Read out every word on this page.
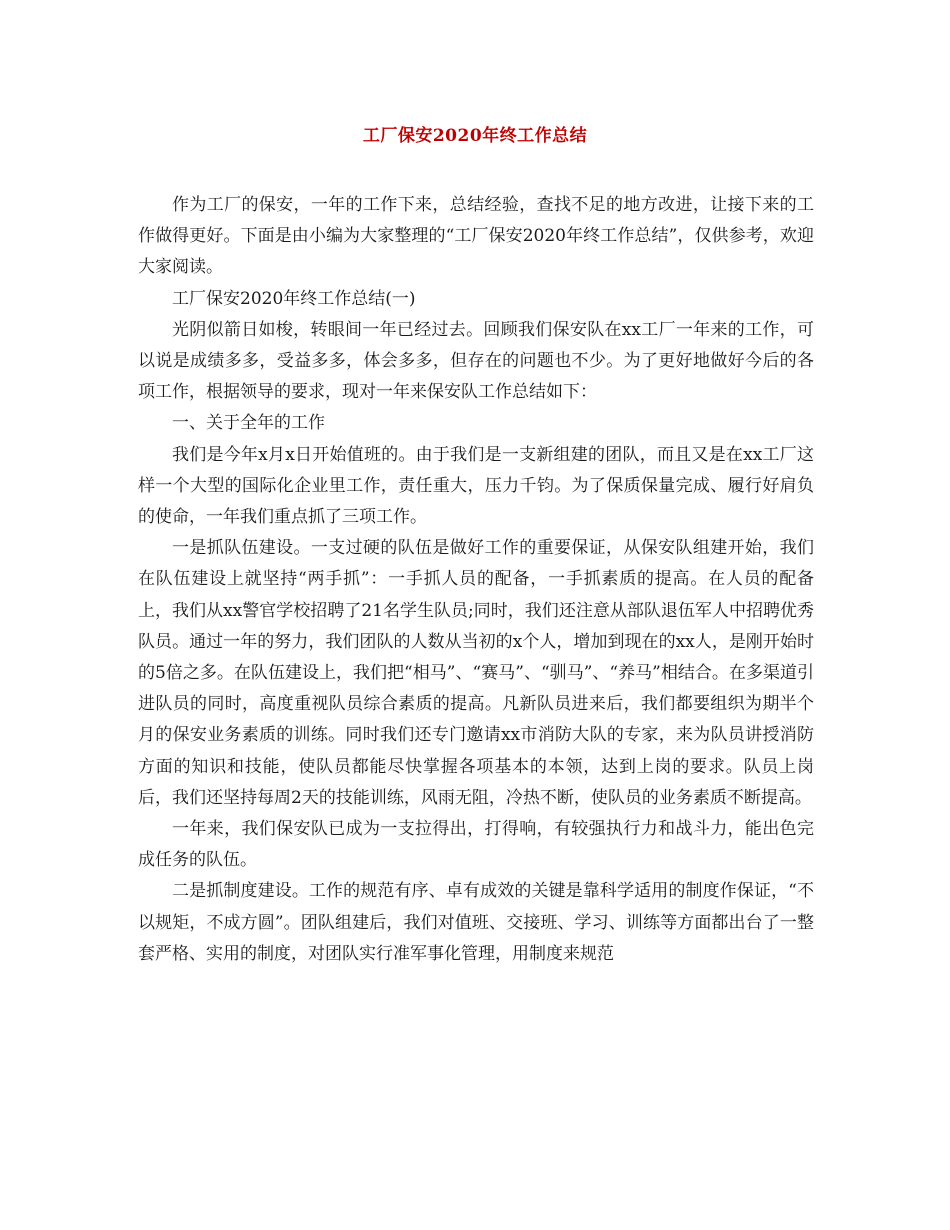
工厂保安2020年终工作总结

作为工厂的保安，一年的工作下来，总结经验，查找不足的地方改进，让接下来的工作做得更好。下面是由小编为大家整理的“工厂保安2020年终工作总结”，仅供参考，欢迎大家阅读。

工厂保安2020年终工作总结(一)

光阴似箭日如梭，转眼间一年已经过去。回顾我们保安队在xx工厂一年来的工作，可以说是成绩多多，受益多多，体会多多，但存在的问题也不少。为了更好地做好今后的各项工作，根据领导的要求，现对一年来保安队工作总结如下：

一、关于全年的工作

我们是今年x月x日开始值班的。由于我们是一支新组建的团队，而且又是在xx工厂这样一个大型的国际化企业里工作，责任重大，压力千钧。为了保质保量完成、履行好肩负的使命，一年我们重点抓了三项工作。

一是抓队伍建设。一支过硬的队伍是做好工作的重要保证，从保安队组建开始，我们在队伍建设上就坚持“两手抓”：一手抓人员的配备，一手抓素质的提高。在人员的配备上，我们从xx警官学校招聘了21名学生队员;同时，我们还注意从部队退伍军人中招聘优秀队员。通过一年的努力，我们团队的人数从当初的x个人，增加到现在的xx人，是刚开始时的5倍之多。在队伍建设上，我们把“相马”、“赛马”、“驯马”、“养马”相结合。在多渠道引进队员的同时，高度重视队员综合素质的提高。凡新队员进来后，我们都要组织为期半个月的保安业务素质的训练。同时我们还专门邀请xx市消防大队的专家，来为队员讲授消防方面的知识和技能，使队员都能尽快掌握各项基本的本领，达到上岗的要求。队员上岗后，我们还坚持每周2天的技能训练，风雨无阻，冷热不断，使队员的业务素质不断提高。

一年来，我们保安队已成为一支拉得出，打得响，有较强执行力和战斗力，能出色完成任务的队伍。

二是抓制度建设。工作的规范有序、卓有成效的关键是靠科学适用的制度作保证，“不以规矩，不成方圆”。团队组建后，我们对值班、交接班、学习、训练等方面都出台了一整套严格、实用的制度，对团队实行准军事化管理，用制度来规范
